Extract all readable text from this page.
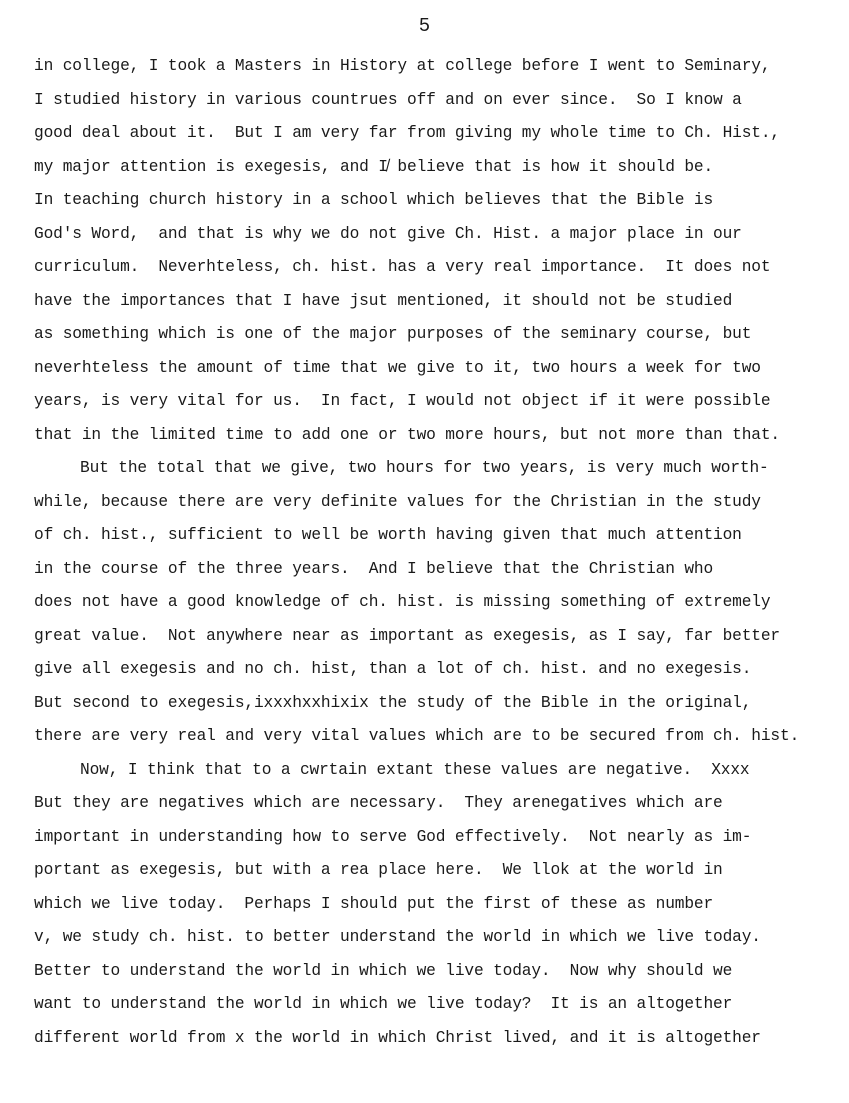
5
in college, I took a Masters in History at college before I went to Seminary,
I studied history in various countrues off and on ever since.  So I know a
good deal about it.  But I am very far from giving my whole time to Ch. Hist.,
my major attention is exegesis, and I̸ believe that is how it should be.
In teaching church history in a school which believes that the Bible is
God's Word,  and that is why we do not give Ch. Hist. a major place in our
curriculum.  Neverhteless, ch. hist. has a very real importance.  It does not
have the importances that I have jsut mentioned, it should not be studied
as something which is one of the major purposes of the seminary course, but
neverhteless the amount of time that we give to it, two hours a week for two
years, is very vital for us.  In fact, I would not object if it were possible
that in the limited time to add one or two more hours, but not more than that.
But the total that we give, two hours for two years, is very much worth-
while, because there are very definite values for the Christian in the study
of ch. hist., sufficient to well be worth having given that much attention
in the course of the three years.  And I believe that the Christian who
does not have a good knowledge of ch. hist. is missing something of extremely
great value.  Not anywhere near as important as exegesis, as I say, far better
give all exegesis and no ch. hist, than a lot of ch. hist. and no exegesis.
But second to exegesis,ixxxhxxhixix the study of the Bible in the original,
there are very real and very vital values which are to be secured from ch. hist.
Now, I think that to a cwrtain extant these values are negative.  Xxxx
But they are negatives which are necessary.  They arenegatives which are
important in understanding how to serve God effectively.  Not nearly as im-
portant as exegesis, but with a rea place here.  We llok at the world in
which we live today.  Perhaps I should put the first of these as number
v, we study ch. hist. to better understand the world in which we live today.
Better to understand the world in which we live today.  Now why should we
want to understand the world in which we live today?  It is an altogether
different world from x the world in which Christ lived, and it is altogether
